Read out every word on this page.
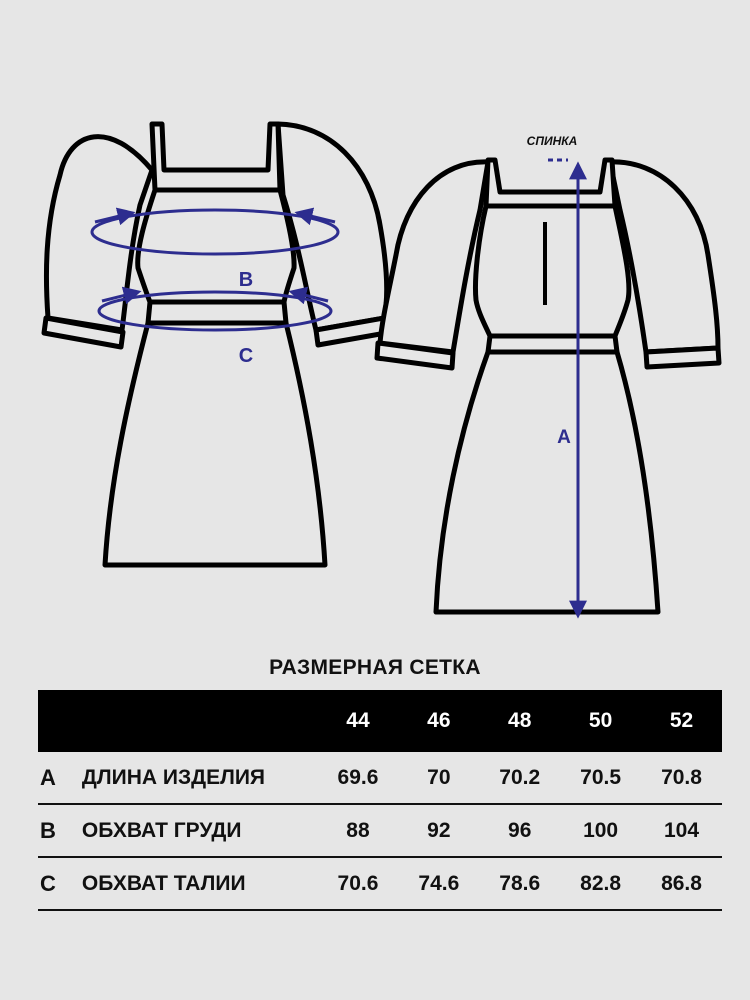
B
C
СПИНКА
A
РАЗМЕРНАЯ СЕТКА
		44	46	48	50	52
A	ДЛИНА ИЗДЕЛИЯ	69.6	70	70.2	70.5	70.8
B	ОБХВАТ ГРУДИ	88	92	96	100	104
C	ОБХВАТ ТАЛИИ	70.6	74.6	78.6	82.8	86.8
